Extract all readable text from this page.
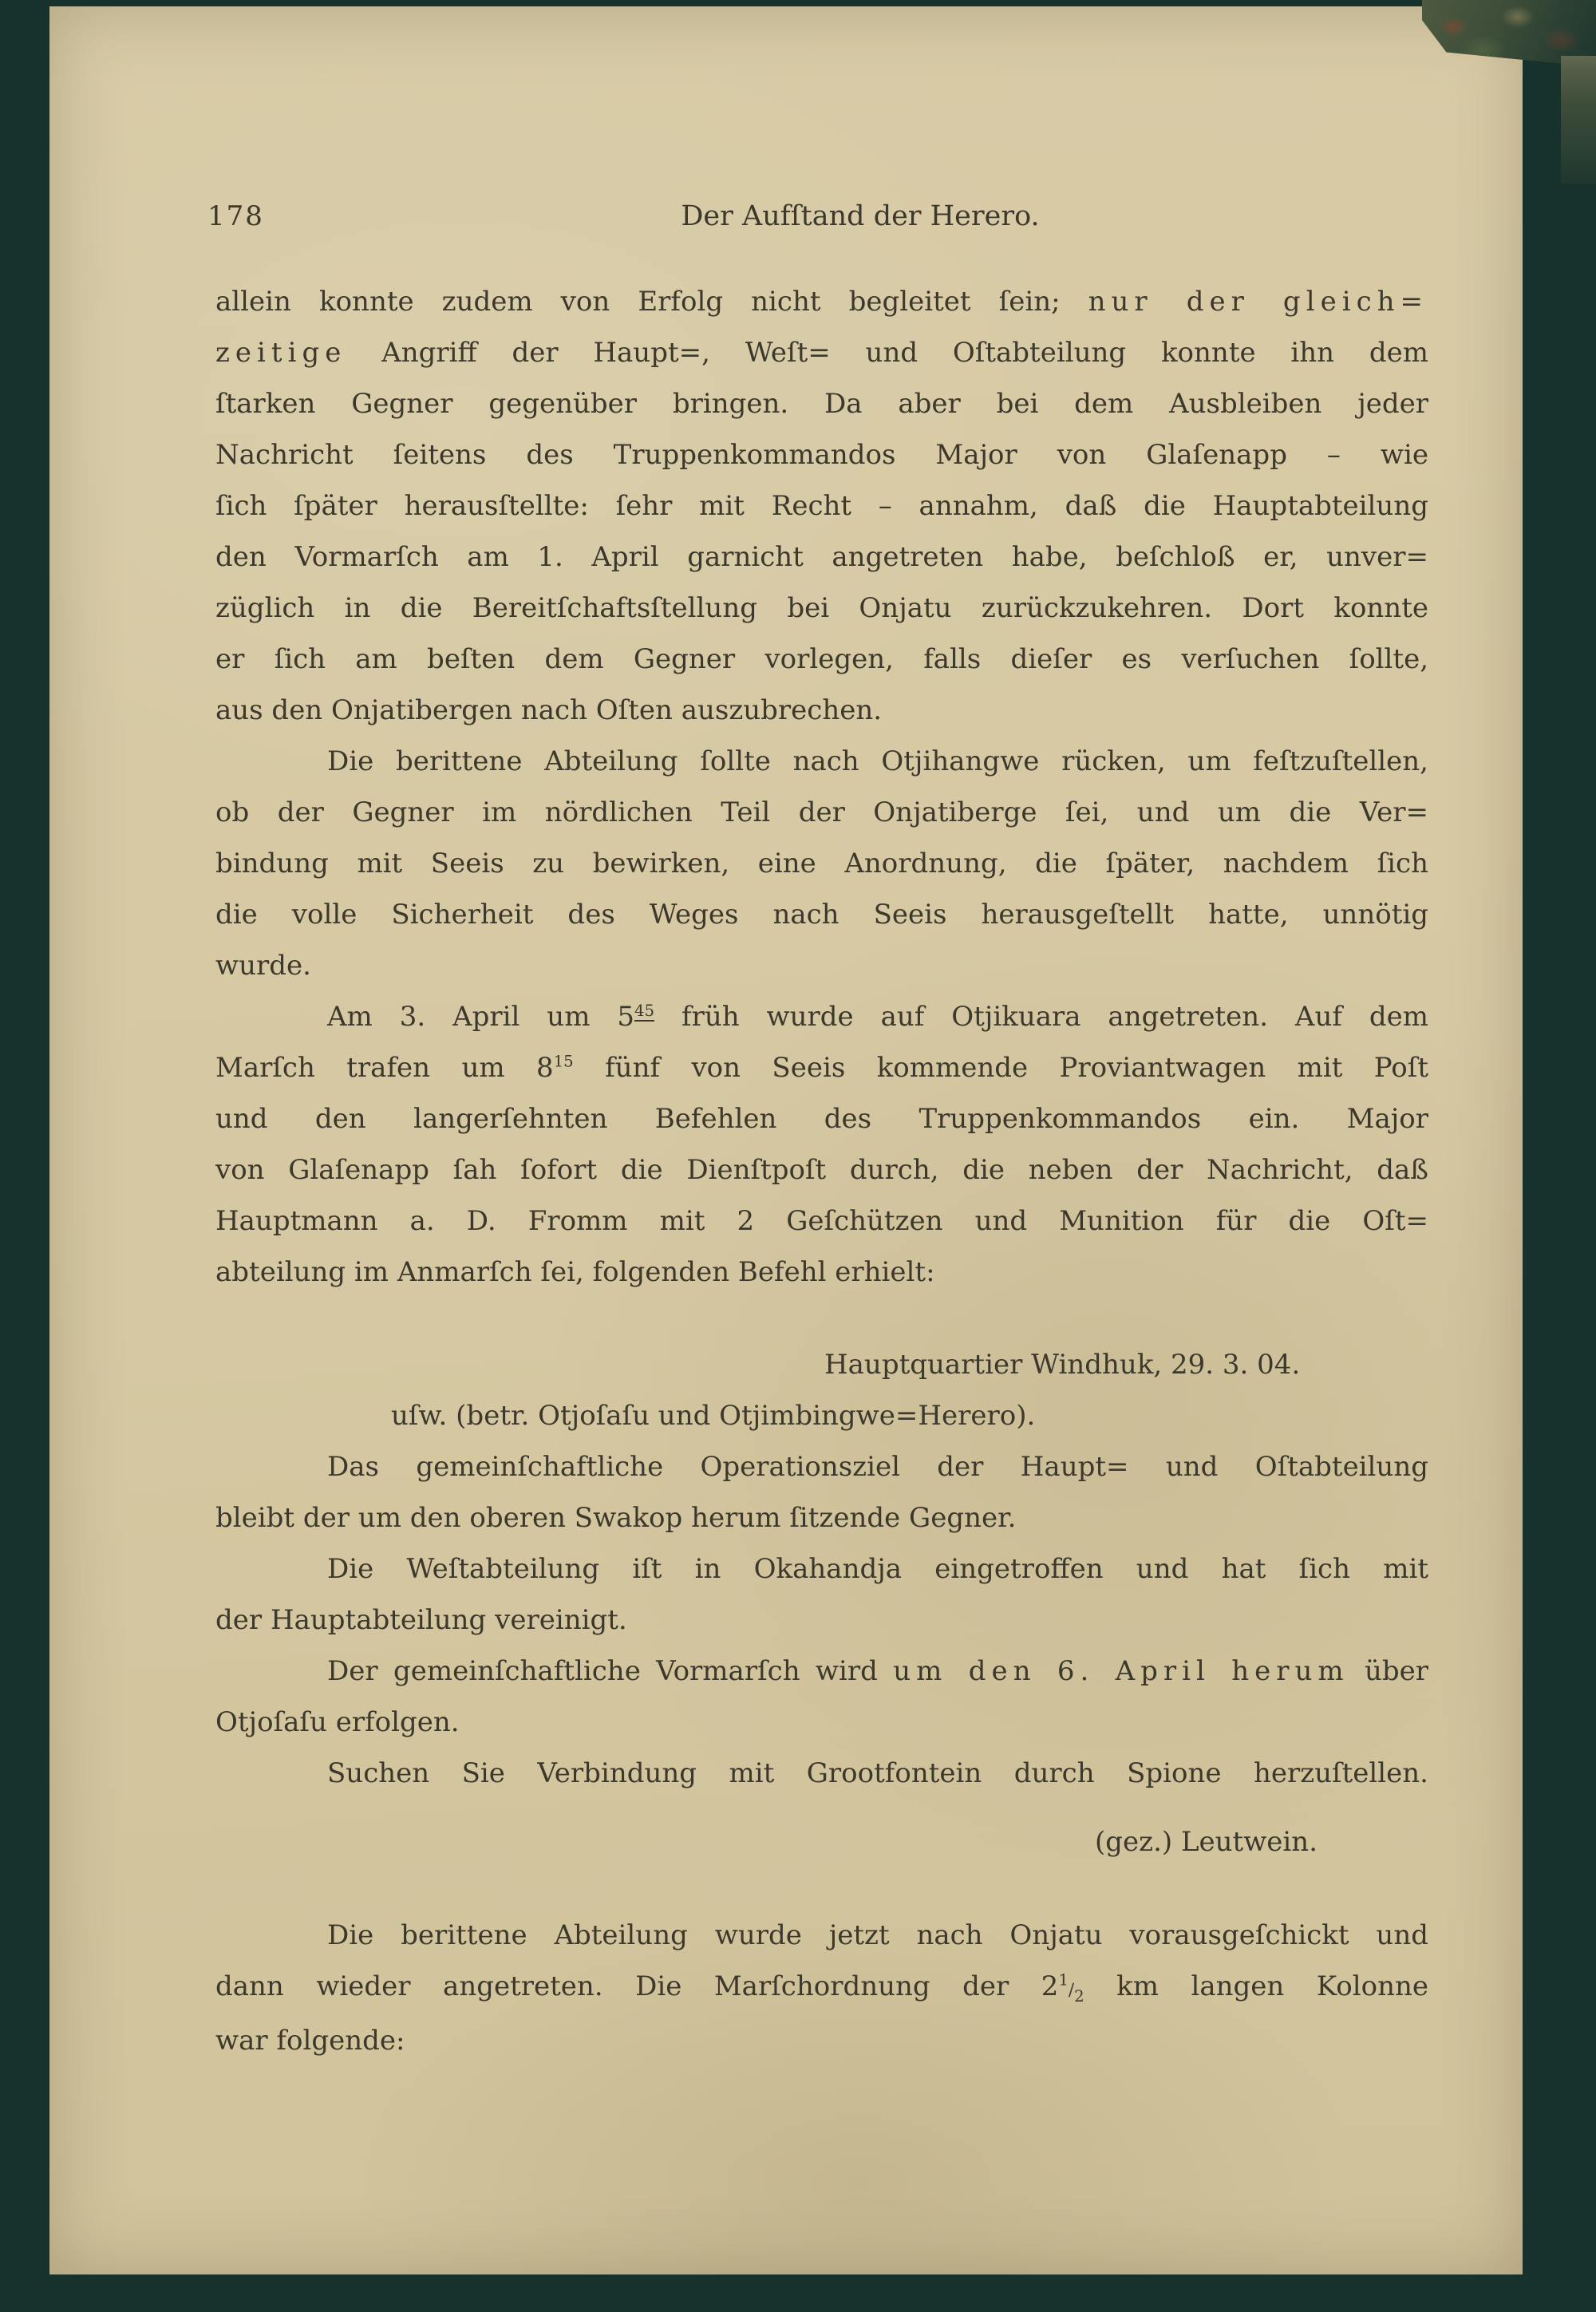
178	Der Aufſtand der Herero.
allein konnte zudem von Erfolg nicht begleitet ſein; nur der gleich=
zeitige Angriff der Haupt=, Weſt= und Oſtabteilung konnte ihn dem
ſtarken Gegner gegenüber bringen. Da aber bei dem Ausbleiben jeder
Nachricht ſeitens des Truppenkommandos Major von Glaſenapp – wie
ſich ſpäter herausſtellte: ſehr mit Recht – annahm, daß die Hauptabteilung
den Vormarſch am 1. April garnicht angetreten habe, beſchloß er, unver=
züglich in die Bereitſchaftsſtellung bei Onjatu zurückzukehren. Dort konnte
er ſich am beſten dem Gegner vorlegen, falls dieſer es verſuchen ſollte,
aus den Onjatibergen nach Oſten auszubrechen.
Die berittene Abteilung ſollte nach Otjihangwe rücken, um feſtzuſtellen,
ob der Gegner im nördlichen Teil der Onjatiberge ſei, und um die Ver=
bindung mit Seeis zu bewirken, eine Anordnung, die ſpäter, nachdem ſich
die volle Sicherheit des Weges nach Seeis herausgeſtellt hatte, unnötig
wurde.
Am 3. April um $5^{45}$ früh wurde auf Otjikuara angetreten. Auf dem
Marſch trafen um $8^{15}$ fünf von Seeis kommende Proviantwagen mit Poſt
und den langerſehnten Befehlen des Truppenkommandos ein. Major
von Glaſenapp ſah ſofort die Dienſtpoſt durch, die neben der Nachricht, daß
Hauptmann a. D. Fromm mit 2 Geſchützen und Munition für die Oſt=
abteilung im Anmarſch ſei, folgenden Befehl erhielt:
Hauptquartier Windhuk, 29. 3. 04.
uſw. (betr. Otjoſaſu und Otjimbingwe=Herero).
Das gemeinſchaftliche Operationsziel der Haupt= und Oſtabteilung
bleibt der um den oberen Swakop herum ſitzende Gegner.
Die Weſtabteilung iſt in Okahandja eingetroffen und hat ſich mit
der Hauptabteilung vereinigt.
Der gemeinſchaftliche Vormarſch wird um den 6. April herum über
Otjoſaſu erfolgen.
Suchen Sie Verbindung mit Grootfontein durch Spione herzuſtellen.
(gez.) Leutwein.
Die berittene Abteilung wurde jetzt nach Onjatu vorausgeſchickt und
dann wieder angetreten. Die Marſchordnung der $2^1/_2$ km langen Kolonne
war folgende:
